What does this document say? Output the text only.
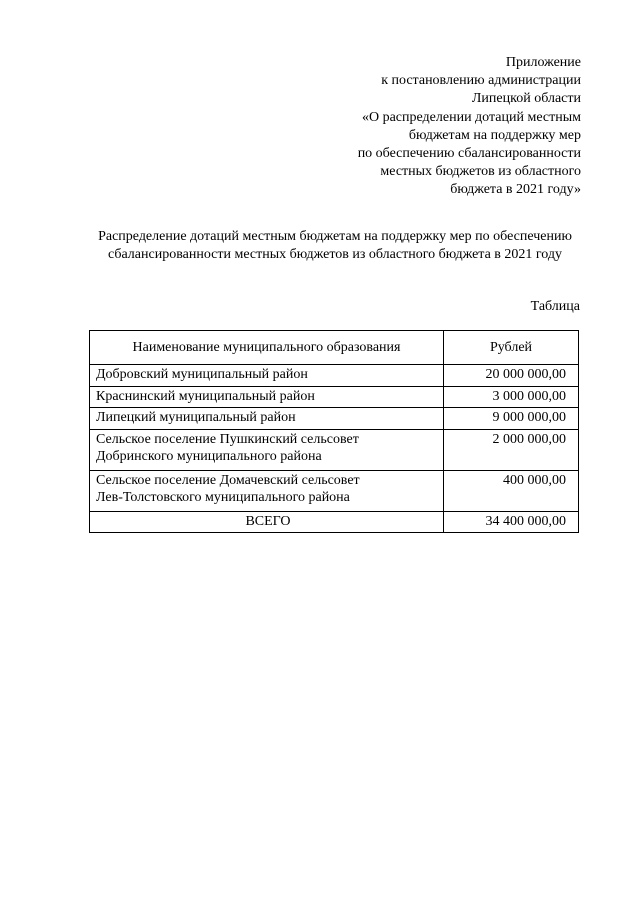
Приложение
к постановлению администрации
Липецкой области
«О распределении дотаций местным
бюджетам на поддержку мер
по обеспечению сбалансированности
местных бюджетов из областного
бюджета в 2021 году»
Распределение дотаций местным бюджетам на поддержку мер по обеспечению сбалансированности местных бюджетов из областного бюджета в 2021 году
Таблица
Наименование муниципального образования	Рублей
Добровский муниципальный район	20 000 000,00
Краснинский муниципальный район	3 000 000,00
Липецкий муниципальный район	9 000 000,00

Сельское поселение Пушкинский сельсовет
Добринского муниципального района	2 000 000,00

Сельское поселение Домачевский сельсовет
Лев-Толстовского муниципального района	400 000,00
ВСЕГО	34 400 000,00
